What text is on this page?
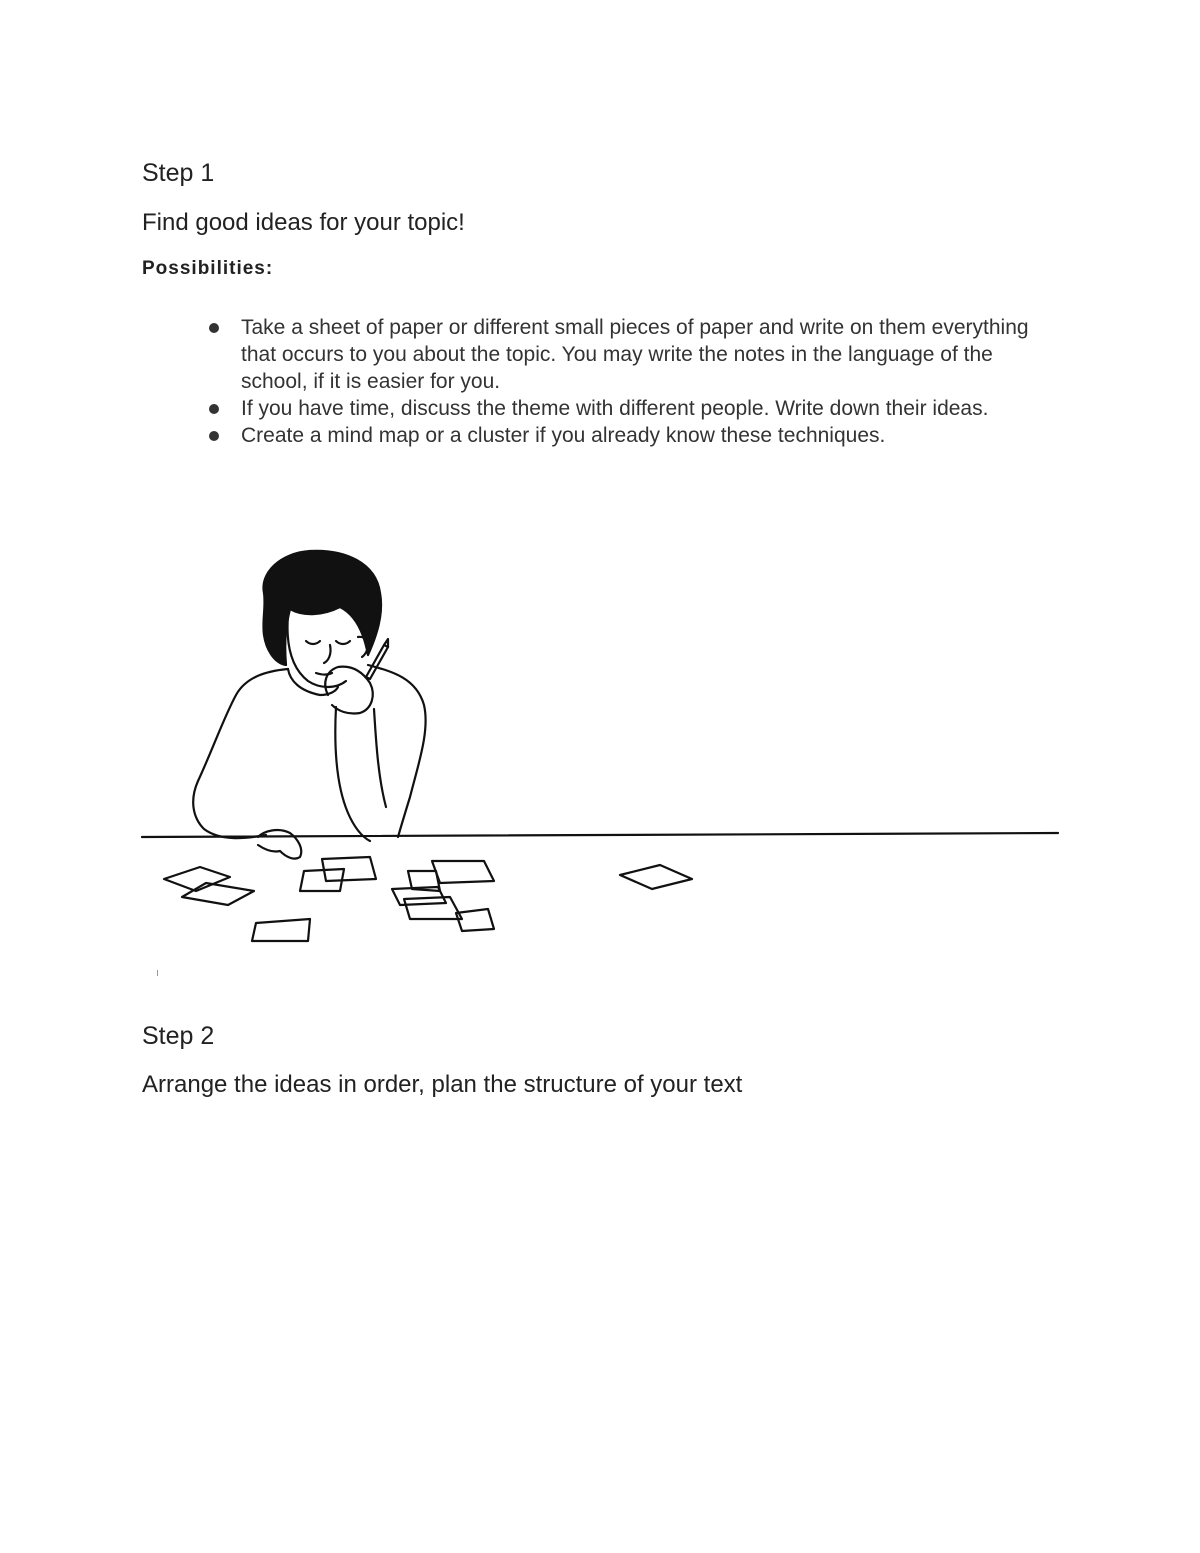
Step 1
Find good ideas for your topic!

Possibilities:

Take a sheet of paper or different small pieces of paper and write on them everything that occurs to you about the topic. You may write the notes in the language of the school, if it is easier for you.
If you have time, discuss the theme with different people. Write down their ideas.
Create a mind map or a cluster if you already know these techniques.
Step 2
Arrange the ideas in order, plan the structure of your text
